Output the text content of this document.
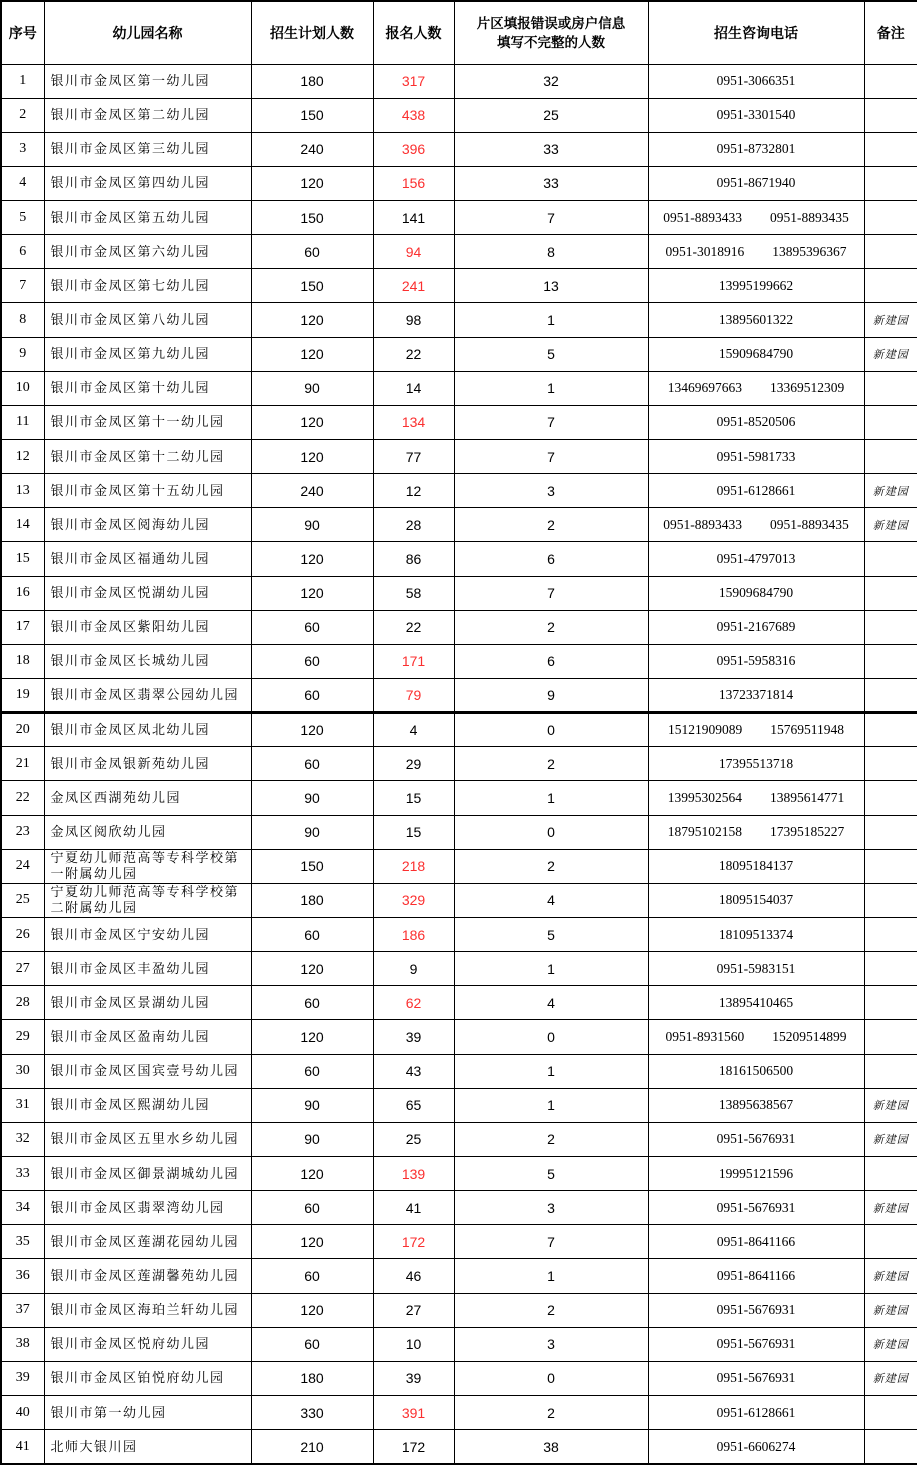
序号	幼儿园名称	招生计划人数	报名人数	片区填报错误或房户信息
填写不完整的人数	招生咨询电话	备注
1	银川市金凤区第一幼儿园	180	317	32	0951-3066351	

2	银川市金凤区第二幼儿园	150	438	25	0951-3301540	

3	银川市金凤区第三幼儿园	240	396	33	0951-8732801	

4	银川市金凤区第四幼儿园	120	156	33	0951-8671940	

5	银川市金凤区第五幼儿园	150	141	7	0951-8893433 0951-8893435	

6	银川市金凤区第六幼儿园	60	94	8	0951-3018916 13895396367	

7	银川市金凤区第七幼儿园	150	241	13	13995199662	

8	银川市金凤区第八幼儿园	120	98	1	13895601322	新建园
9	银川市金凤区第九幼儿园	120	22	5	15909684790	新建园
10	银川市金凤区第十幼儿园	90	14	1	13469697663 13369512309	

11	银川市金凤区第十一幼儿园	120	134	7	0951-8520506	

12	银川市金凤区第十二幼儿园	120	77	7	0951-5981733	

13	银川市金凤区第十五幼儿园	240	12	3	0951-6128661	新建园
14	银川市金凤区阅海幼儿园	90	28	2	0951-8893433 0951-8893435	新建园
15	银川市金凤区福通幼儿园	120	86	6	0951-4797013	

16	银川市金凤区悦湖幼儿园	120	58	7	15909684790	

17	银川市金凤区紫阳幼儿园	60	22	2	0951-2167689	

18	银川市金凤区长城幼儿园	60	171	6	0951-5958316	

19	银川市金凤区翡翠公园幼儿园	60	79	9	13723371814	

20	银川市金凤区凤北幼儿园	120	4	0	15121909089 15769511948	

21	银川市金凤银新苑幼儿园	60	29	2	17395513718	

22	金凤区西湖苑幼儿园	90	15	1	13995302564 13895614771	

23	金凤区阅欣幼儿园	90	15	0	18795102158 17395185227	

24	宁夏幼儿师范高等专科学校第一附属幼儿园	150	218	2	18095184137	

25	宁夏幼儿师范高等专科学校第二附属幼儿园	180	329	4	18095154037	

26	银川市金凤区宁安幼儿园	60	186	5	18109513374	

27	银川市金凤区丰盈幼儿园	120	9	1	0951-5983151	

28	银川市金凤区景湖幼儿园	60	62	4	13895410465	

29	银川市金凤区盈南幼儿园	120	39	0	0951-8931560 15209514899	

30	银川市金凤区国宾壹号幼儿园	60	43	1	18161506500	

31	银川市金凤区熙湖幼儿园	90	65	1	13895638567	新建园
32	银川市金凤区五里水乡幼儿园	90	25	2	0951-5676931	新建园
33	银川市金凤区御景湖城幼儿园	120	139	5	19995121596	

34	银川市金凤区翡翠湾幼儿园	60	41	3	0951-5676931	新建园
35	银川市金凤区莲湖花园幼儿园	120	172	7	0951-8641166	

36	银川市金凤区莲湖馨苑幼儿园	60	46	1	0951-8641166	新建园
37	银川市金凤区海珀兰轩幼儿园	120	27	2	0951-5676931	新建园
38	银川市金凤区悦府幼儿园	60	10	3	0951-5676931	新建园
39	银川市金凤区铂悦府幼儿园	180	39	0	0951-5676931	新建园
40	银川市第一幼儿园	330	391	2	0951-6128661	

41	北师大银川园	210	172	38	0951-6606274	
